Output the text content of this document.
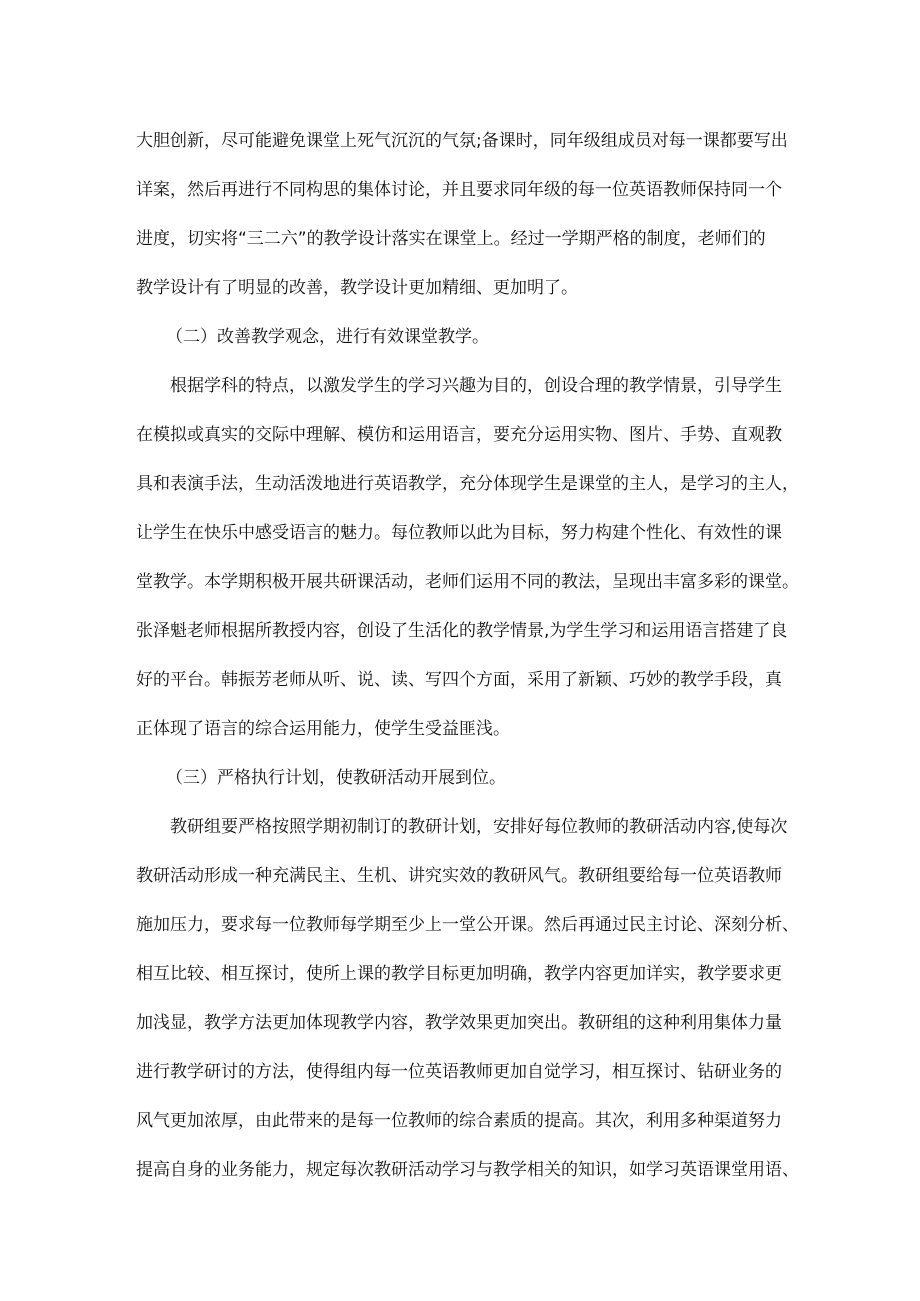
大胆创新，尽可能避免课堂上死气沉沉的气氛;备课时，同年级组成员对每一课都要写出
详案，然后再进行不同构思的集体讨论，并且要求同年级的每一位英语教师保持同一个
进度，切实将“三二六”的教学设计落实在课堂上。经过一学期严格的制度，老师们的
教学设计有了明显的改善，教学设计更加精细、更加明了。
（二）改善教学观念，进行有效课堂教学。
根据学科的特点，以激发学生的学习兴趣为目的，创设合理的教学情景，引导学生
在模拟或真实的交际中理解、模仿和运用语言，要充分运用实物、图片、手势、直观教
具和表演手法，生动活泼地进行英语教学，充分体现学生是课堂的主人，是学习的主人，
让学生在快乐中感受语言的魅力。每位教师以此为目标，努力构建个性化、有效性的课
堂教学。本学期积极开展共研课活动，老师们运用不同的教法，呈现出丰富多彩的课堂。
张泽魁老师根据所教授内容，创设了生活化的教学情景,为学生学习和运用语言搭建了良
好的平台。韩振芳老师从听、说、读、写四个方面，采用了新颖、巧妙的教学手段，真
正体现了语言的综合运用能力，使学生受益匪浅。
（三）严格执行计划，使教研活动开展到位。
教研组要严格按照学期初制订的教研计划，安排好每位教师的教研活动内容,使每次
教研活动形成一种充满民主、生机、讲究实效的教研风气。教研组要给每一位英语教师
施加压力，要求每一位教师每学期至少上一堂公开课。然后再通过民主讨论、深刻分析、
相互比较、相互探讨，使所上课的教学目标更加明确，教学内容更加详实，教学要求更
加浅显，教学方法更加体现教学内容，教学效果更加突出。教研组的这种利用集体力量
进行教学研讨的方法，使得组内每一位英语教师更加自觉学习，相互探讨、钻研业务的
风气更加浓厚，由此带来的是每一位教师的综合素质的提高。其次，利用多种渠道努力
提高自身的业务能力，规定每次教研活动学习与教学相关的知识，如学习英语课堂用语、
